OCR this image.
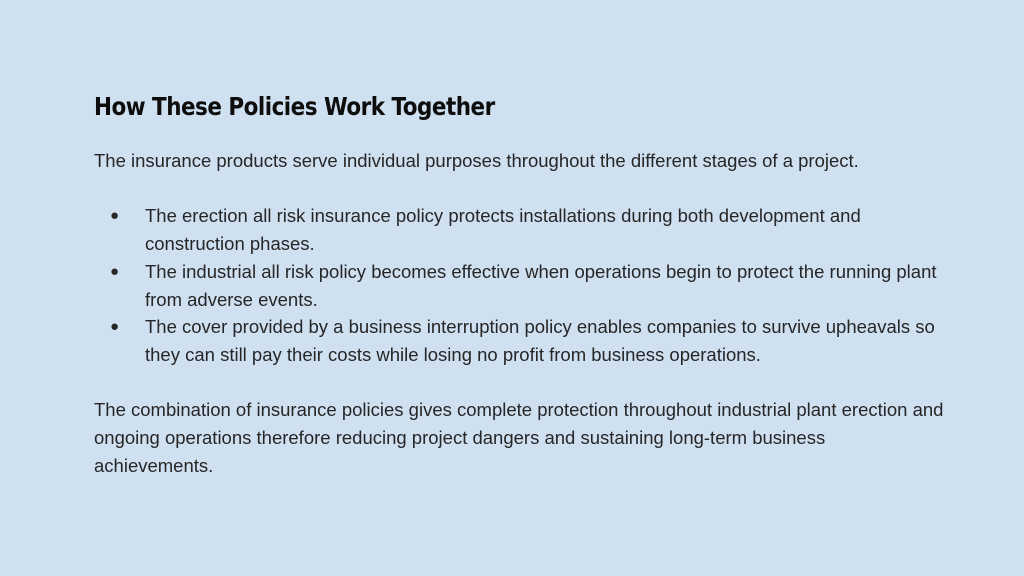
How These Policies Work Together

The insurance products serve individual purposes throughout the different stages of a project.

● The erection all risk insurance policy protects installations during both development and construction phases.
● The industrial all risk policy becomes effective when operations begin to protect the running plant from adverse events.
● The cover provided by a business interruption policy enables companies to survive upheavals so they can still pay their costs while losing no profit from business operations.

The combination of insurance policies gives complete protection throughout industrial plant erection and ongoing operations therefore reducing project dangers and sustaining long-term business achievements.
